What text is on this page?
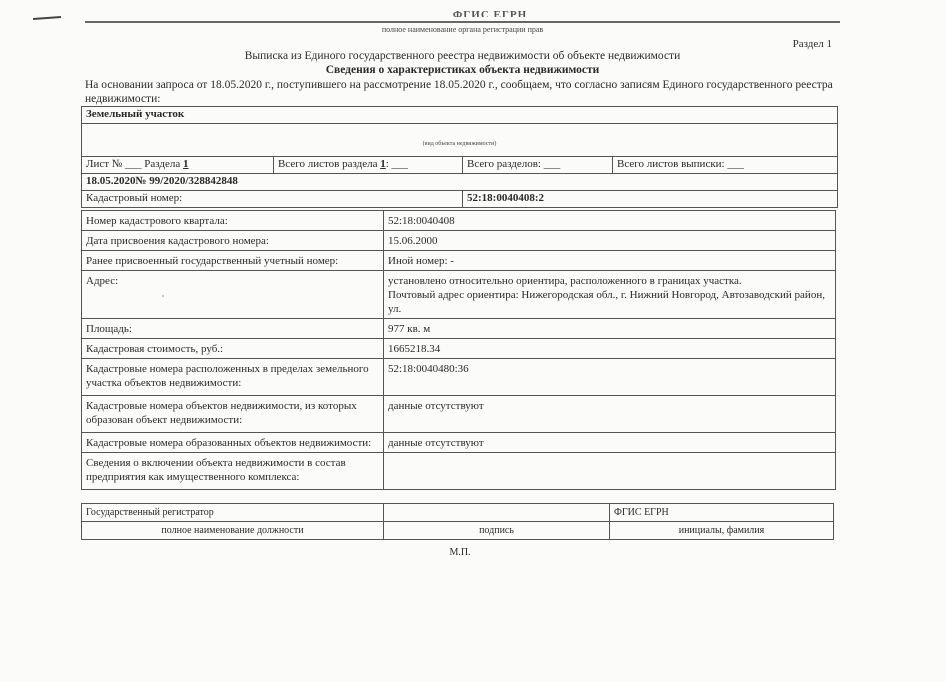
ФГИС ЕГРН
полное наименование органа регистрации прав
Раздел 1
Выписка из Единого государственного реестра недвижимости об объекте недвижимости
Сведения о характеристиках объекта недвижимости
На основании запроса от 18.05.2020 г., поступившего на рассмотрение 18.05.2020 г., сообщаем, что согласно записям Единого государственного реестра недвижимости:
Земельный участок			
(вид объекта недвижимости)			
Лист № ___ Раздела 1	Всего листов раздела 1: ___	Всего разделов: ___	Всего листов выписки: ___
18.05.2020№ 99/2020/328842848			
Кадастровый номер:		52:18:0040408:2	
Номер кадастрового квартала:	52:18:0040408
Дата присвоения кадастрового номера:	15.06.2000
Ранее присвоенный государственный учетный номер:	Иной номер: -
Адрес:	установлено относительно ориентира, расположенного в границах участка.
Почтовый адрес ориентира: Нижегородская обл., г. Нижний Новгород, Автозаводский район, ул.

Площадь:	977 кв. м
Кадастровая стоимость, руб.:	1665218.34
Кадастровые номера расположенных в пределах земельного участка объектов недвижимости:	52:18:0040480:36
Кадастровые номера объектов недвижимости, из которых образован объект недвижимости:	данные отсутствуют
Кадастровые номера образованных объектов недвижимости:	данные отсутствуют
Сведения о включении объекта недвижимости в состав предприятия как имущественного комплекса:	
Государственный регистратор		ФГИС ЕГРН
полное наименование должности	подпись	инициалы, фамилия
М.П.
